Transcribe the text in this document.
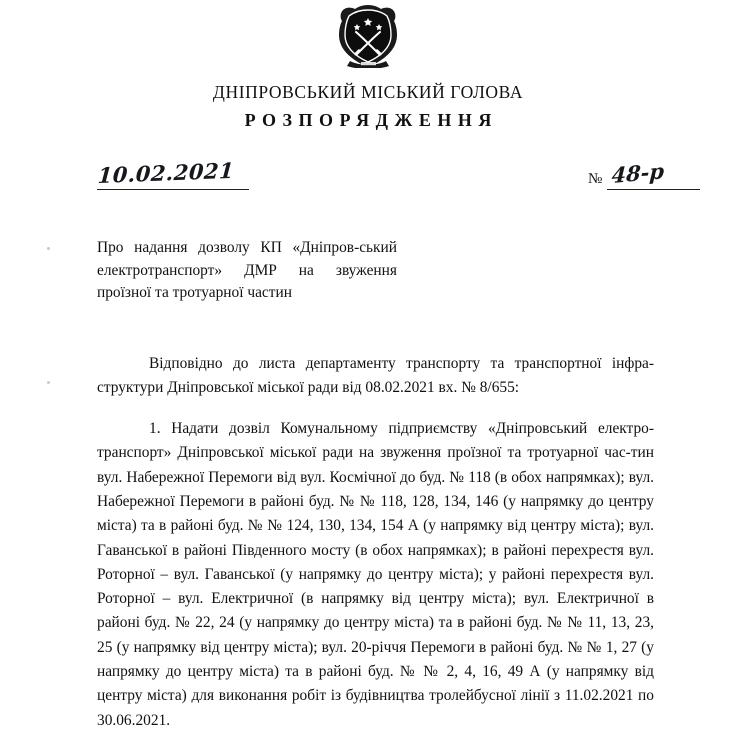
ДНІПРОВСЬКИЙ МІСЬКИЙ ГОЛОВА
РОЗПОРЯДЖЕННЯ
10.02.2021	№ 48-р
Про надання дозволу КП «Дніпров-ський електротранспорт» ДМР на звуження проїзної та тротуарної частин

Відповідно до листа департаменту транспорту та транспортної інфра-структури Дніпровської міської ради від 08.02.2021 вх. № 8/655:

1. Надати дозвіл Комунальному підприємству «Дніпровський електро-транспорт» Дніпровської міської ради на звуження проїзної та тротуарної час-тин вул. Набережної Перемоги від вул. Космічної до буд. № 118 (в обох напрямках); вул. Набережної Перемоги в районі буд. № № 118, 128, 134, 146 (у напрямку до центру міста) та в районі буд. № № 124, 130, 134, 154 А (у напрямку від центру міста); вул. Гаванської в районі Південного мосту (в обох напрямках); в районі перехрестя вул. Роторної – вул. Гаванської (у напрямку до центру міста); у районі перехрестя вул. Роторної – вул. Електричної (в напрямку від центру міста); вул. Електричної в районі буд. № 22, 24 (у напрямку до центру міста) та в районі буд. № № 11, 13, 23, 25 (у напрямку від центру міста); вул. 20-річчя Перемоги в районі буд. № № 1, 27 (у напрямку до центру міста) та в районі буд. № № 2, 4, 16, 49 А (у напрямку від центру міста) для виконання робіт із будівництва тролейбусної лінії з 11.02.2021 по 30.06.2021.
